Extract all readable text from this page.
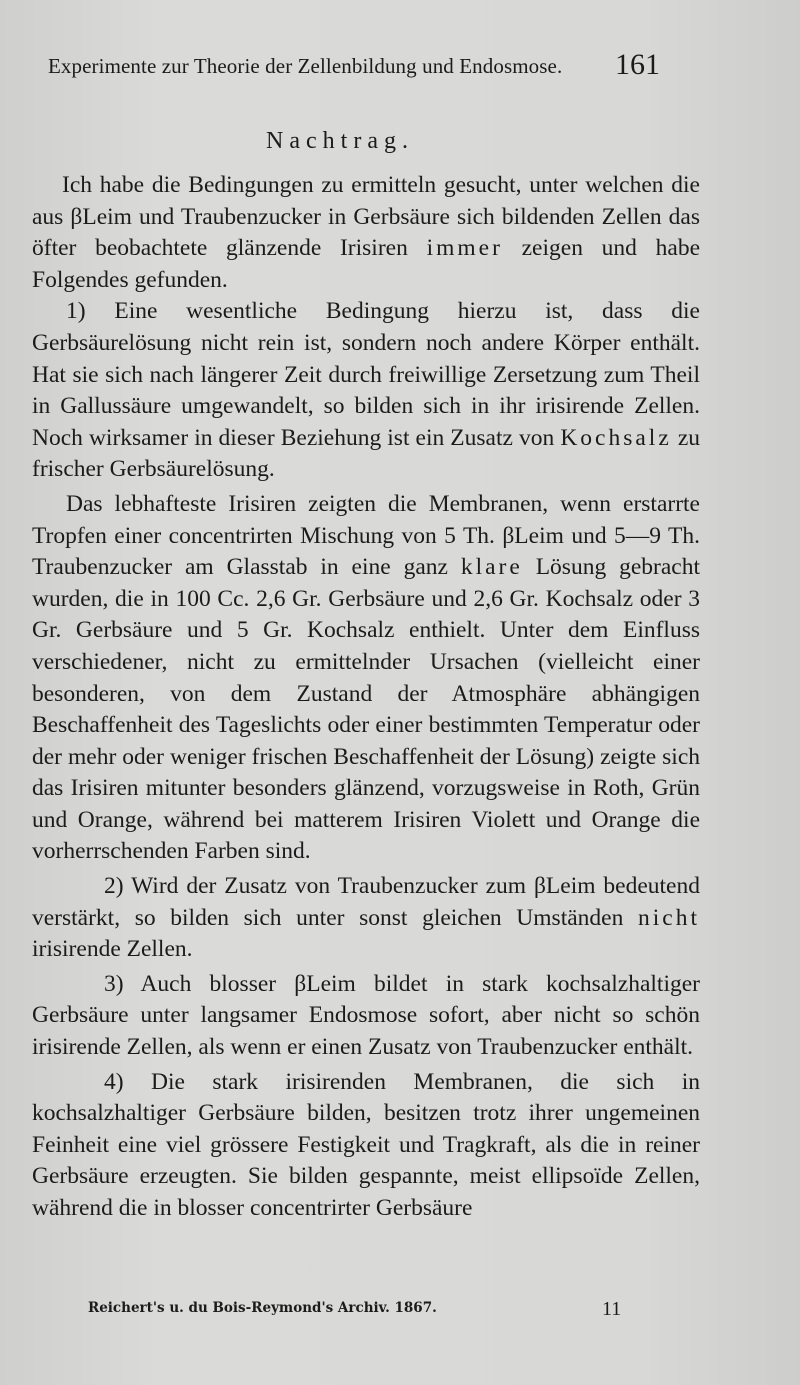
Experimente zur Theorie der Zellenbildung und Endosmose. 161
Nachtrag.

Ich habe die Bedingungen zu ermitteln gesucht, unter welchen die aus βLeim und Traubenzucker in Gerbsäure sich bildenden Zellen das öfter beobachtete glänzende Irisiren immer zeigen und habe Folgendes gefunden.

1) Eine wesentliche Bedingung hierzu ist, dass die Gerbsäurelösung nicht rein ist, sondern noch andere Körper enthält. Hat sie sich nach längerer Zeit durch freiwillige Zersetzung zum Theil in Gallussäure umgewandelt, so bilden sich in ihr irisirende Zellen. Noch wirksamer in dieser Beziehung ist ein Zusatz von Kochsalz zu frischer Gerbsäurelösung.

Das lebhafteste Irisiren zeigten die Membranen, wenn erstarrte Tropfen einer concentrirten Mischung von 5 Th. βLeim und 5—9 Th. Traubenzucker am Glasstab in eine ganz klare Lösung gebracht wurden, die in 100 Cc. 2,6 Gr. Gerbsäure und 2,6 Gr. Kochsalz oder 3 Gr. Gerbsäure und 5 Gr. Kochsalz enthielt. Unter dem Einfluss verschiedener, nicht zu ermittelnder Ursachen (vielleicht einer besonderen, von dem Zustand der Atmosphäre abhängigen Beschaffenheit des Tageslichts oder einer bestimmten Temperatur oder der mehr oder weniger frischen Beschaffenheit der Lösung) zeigte sich das Irisiren mitunter besonders glänzend, vorzugsweise in Roth, Grün und Orange, während bei matterem Irisiren Violett und Orange die vorherrschenden Farben sind.

2) Wird der Zusatz von Traubenzucker zum βLeim bedeutend verstärkt, so bilden sich unter sonst gleichen Umständen nicht irisirende Zellen.

3) Auch blosser βLeim bildet in stark kochsalzhaltiger Gerbsäure unter langsamer Endosmose sofort, aber nicht so schön irisirende Zellen, als wenn er einen Zusatz von Traubenzucker enthält.

4) Die stark irisirenden Membranen, die sich in kochsalzhaltiger Gerbsäure bilden, besitzen trotz ihrer ungemeinen Feinheit eine viel grössere Festigkeit und Tragkraft, als die in reiner Gerbsäure erzeugten. Sie bilden gespannte, meist ellipsoïde Zellen, während die in blosser concentrirter Gerbsäure

Reichert's u. du Bois-Reymond's Archiv. 1867.	11
